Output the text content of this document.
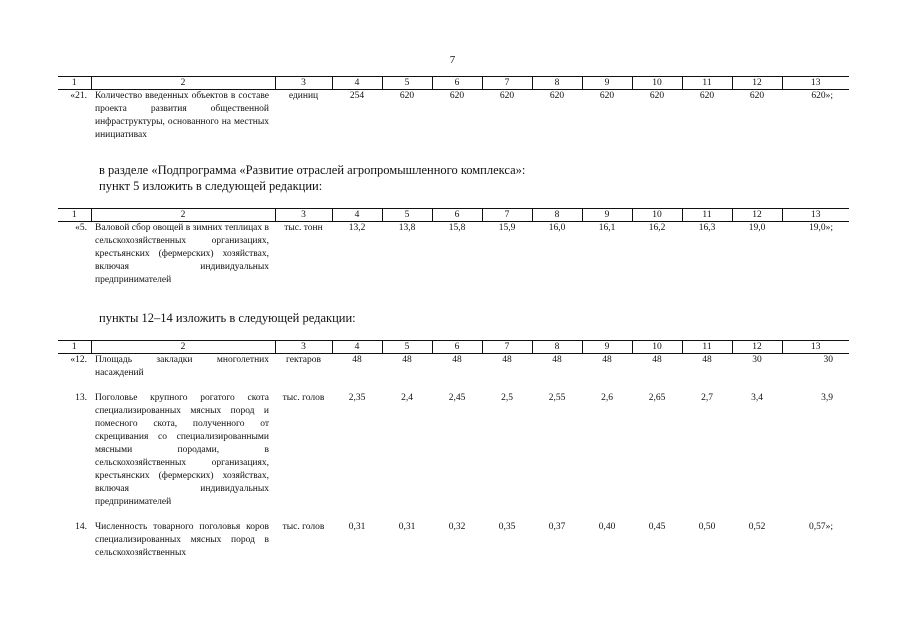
7
1	2	3	4	5	6	7	8	9	10	11	12	13
«21.	Количество введенных объектов в составе проекта развития общественной инфраструктуры, основанного на местных инициативах	единиц	254	620	620	620	620	620	620	620	620	620»;
в разделе «Подпрограмма «Развитие отраслей агропромышленного комплекса»:
пункт 5 изложить в следующей редакции:
1	2	3	4	5	6	7	8	9	10	11	12	13
«5.	Валовой сбор овощей в зимних теплицах в сельскохозяйственных организациях, крестьянских (фермерских) хозяйствах, включая индивидуальных предпринимателей	тыс. тонн	13,2	13,8	15,8	15,9	16,0	16,1	16,2	16,3	19,0	19,0»;
пункты 12–14 изложить в следующей редакции:
1	2	3	4	5	6	7	8	9	10	11	12	13
«12.	Площадь закладки многолетних насаждений	гектаров	48	48	48	48	48	48	48	48	30	30
13.	Поголовье крупного рогатого скота специализированных мясных пород и помесного скота, полученного от скрещивания со специализированными мясными породами, в сельскохозяйственных организациях, крестьянских (фермерских) хозяйствах, включая индивидуальных предпринимателей	тыс. голов	2,35	2,4	2,45	2,5	2,55	2,6	2,65	2,7	3,4	3,9
14.	Численность товарного поголовья коров специализированных мясных пород в сельскохозяйственных	тыс. голов	0,31	0,31	0,32	0,35	0,37	0,40	0,45	0,50	0,52	0,57»;
